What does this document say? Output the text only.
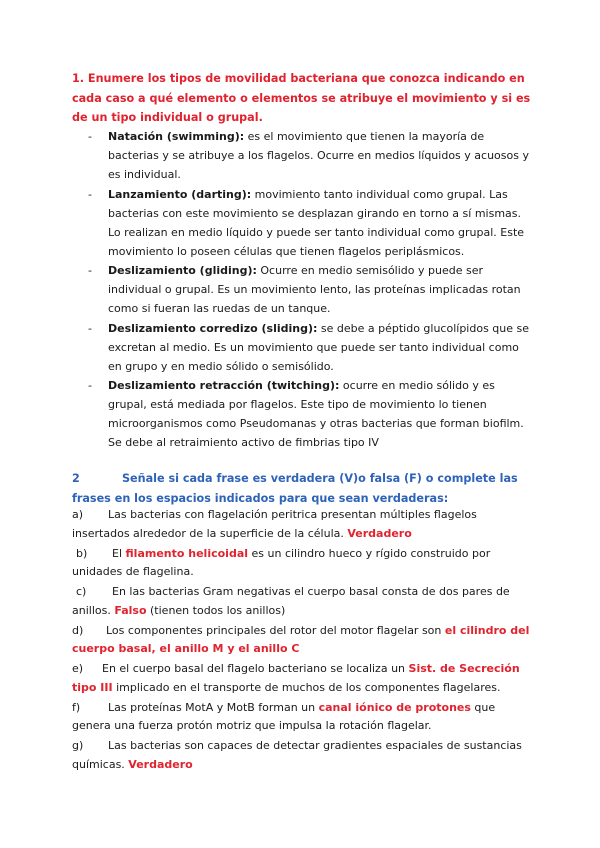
1. Enumere los tipos de movilidad bacteriana que conozca indicando en cada caso a qué elemento o elementos se atribuye el movimiento y si es de un tipo individual o grupal.
- Natación (swimming): es el movimiento que tienen la mayoría de bacterias y se atribuye a los flagelos. Ocurre en medios líquidos y acuosos y es individual.
- Lanzamiento (darting): movimiento tanto individual como grupal. Las bacterias con este movimiento se desplazan girando en torno a sí mismas. Lo realizan en medio líquido y puede ser tanto individual como grupal. Este movimiento lo poseen células que tienen flagelos periplásmicos.
- Deslizamiento (gliding): Ocurre en medio semisólido y puede ser individual o grupal. Es un movimiento lento, las proteínas implicadas rotan como si fueran las ruedas de un tanque.
- Deslizamiento corredizo (sliding): se debe a péptido glucolípidos que se excretan al medio. Es un movimiento que puede ser tanto individual como en grupo y en medio sólido o semisólido.
- Deslizamiento retracción (twitching): ocurre en medio sólido y es grupal, está mediada por flagelos. Este tipo de movimiento lo tienen microorganismos como Pseudomanas y otras bacterias que forman biofilm. Se debe al retraimiento activo de fimbrias tipo IV
2	Señale si cada frase es verdadera (V)o falsa (F) o complete las frases en los espacios indicados para que sean verdaderas:
a) Las bacterias con flagelación peritrica presentan múltiples flagelos insertados alrededor de la superficie de la célula. Verdadero
b) El filamento helicoidal es un cilindro hueco y rígido construido por unidades de flagelina.
c) En las bacterias Gram negativas el cuerpo basal consta de dos pares de anillos. Falso (tienen todos los anillos)
d) Los componentes principales del rotor del motor flagelar son el cilindro del cuerpo basal, el anillo M y el anillo C
e) En el cuerpo basal del flagelo bacteriano se localiza un Sist. de Secreción tipo III implicado en el transporte de muchos de los componentes flagelares.
f)	Las proteínas MotA y MotB forman un canal iónico de protones que genera una fuerza protón motriz que impulsa la rotación flagelar.
g) Las bacterias son capaces de detectar gradientes espaciales de sustancias químicas. Verdadero
